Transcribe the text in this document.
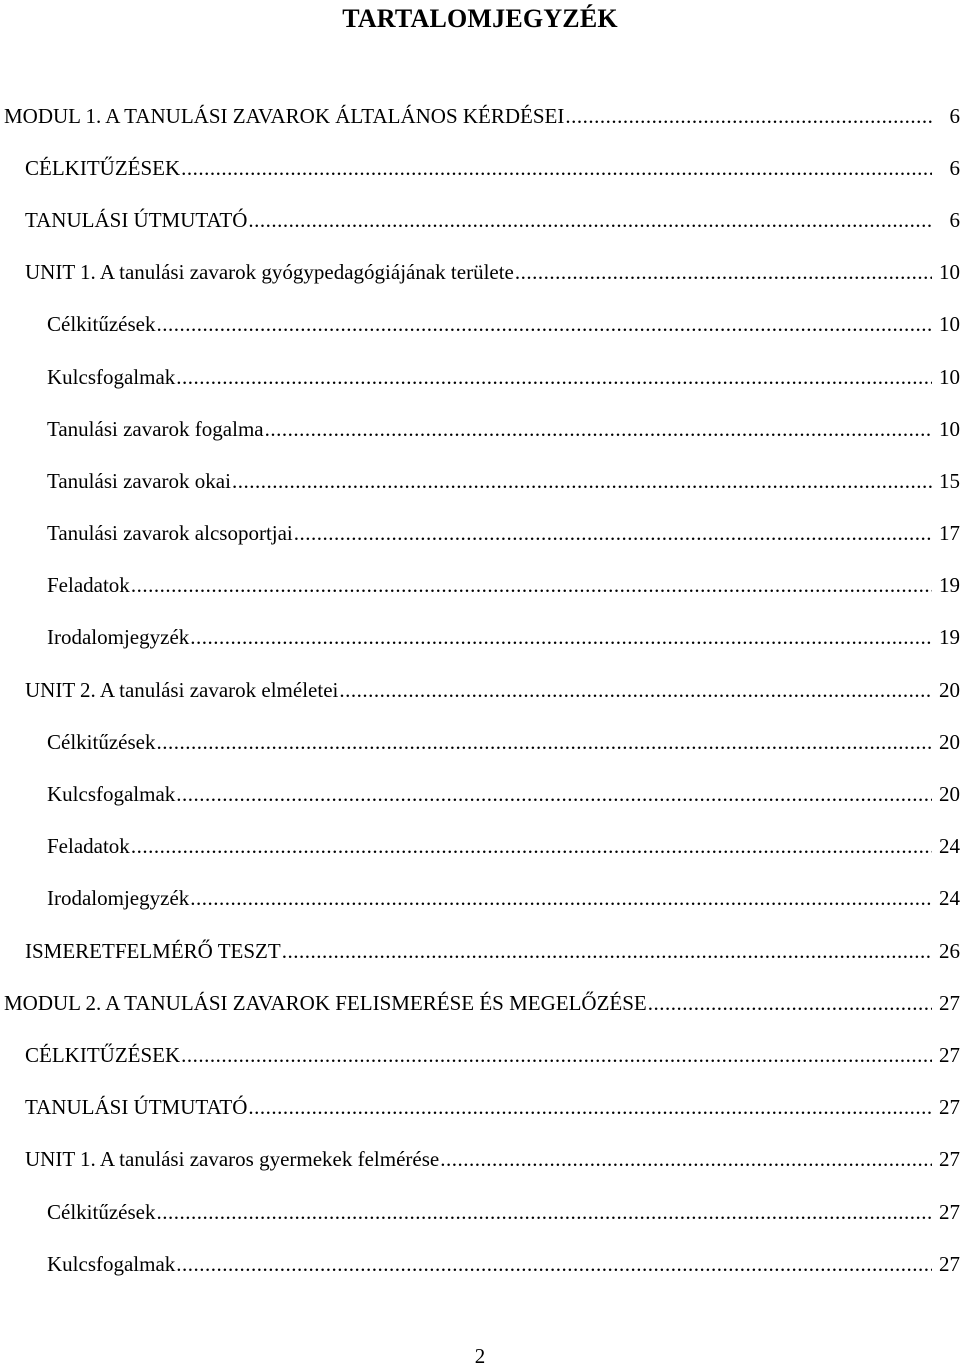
TARTALOMJEGYZÉK
MODUL 1. A TANULÁSI ZAVAROK ÁLTALÁNOS KÉRDÉSEI .....	6
CÉLKITŰZÉSEK .....	6
TANULÁSI ÚTMUTATÓ .....	6
UNIT 1. A tanulási zavarok gyógypedagógiájának területe .....	10
Célkitűzések .....	10
Kulcsfogalmak .....	10
Tanulási zavarok fogalma .....	10
Tanulási zavarok okai .....	15
Tanulási zavarok alcsoportjai .....	17
Feladatok .....	19
Irodalomjegyzék .....	19
UNIT 2. A tanulási zavarok elméletei .....	20
Célkitűzések .....	20
Kulcsfogalmak .....	20
Feladatok .....	24
Irodalomjegyzék .....	24
ISMERETFELMÉRŐ TESZT .....	26
MODUL 2. A TANULÁSI ZAVAROK FELISMERÉSE ÉS MEGELŐZÉSE .....	27
CÉLKITŰZÉSEK .....	27
TANULÁSI ÚTMUTATÓ .....	27
UNIT 1. A tanulási zavaros gyermekek felmérése .....	27
Célkitűzések .....	27
Kulcsfogalmak .....	27
2
